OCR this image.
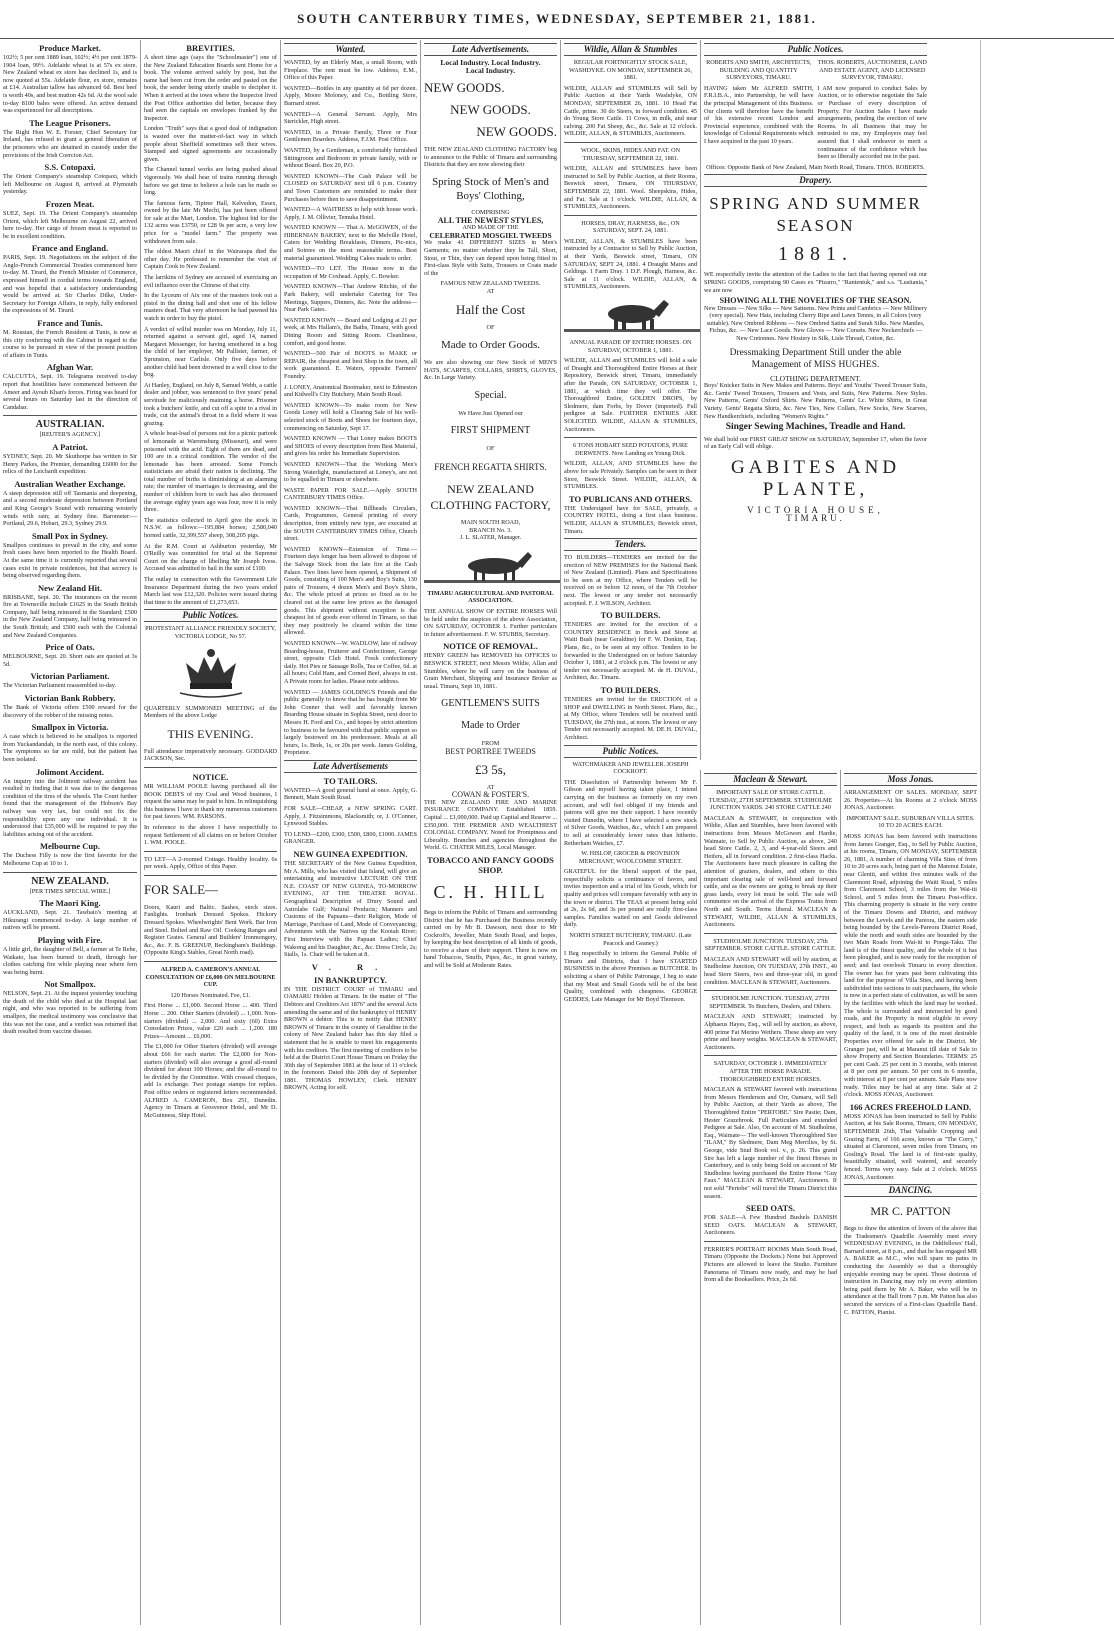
SOUTH CANTERBURY TIMES, WEDNESDAY, SEPTEMBER 21, 1881.
Produce Market.

102½; 5 per cent 1889 loan, 102½; 4½ per cent 1879-1904 loan, 99½. Adelaide wheat is at 57s ex store. New Zealand wheat ex store has declined 1s, and is now quoted at 55s. Adelaide flour, ex store, remains at £14. Australian tallow has advanced 6d. Best beef is worth 40s, and best mutton 42s 6d. At the wool sale to-day 8100 bales were offered. An active demand was experienced for all descriptions.

The League Prisoners.

The Right Hon W. E. Forster, Chief Secretary for Ireland, has refused to grant a general liberation of the prisoners who are detained in custody under the provisions of the Irish Coercion Act.

S.S. Cotopaxi.

The Orient Company's steamship Cotopaxi, which left Melbourne on August 8, arrived at Plymouth yesterday.

Frozen Meat.

SUEZ, Sept. 19. The Orient Company's steamship Orient, which left Melbourne on August 22, arrived here to-day. Her cargo of frozen meat is reported to be in excellent condition.

France and England.

PARIS, Sept. 19. Negotiations on the subject of the Anglo-French Commercial Treaties commenced here to-day. M. Tirard, the French Minister of Commerce, expressed himself in cordial terms towards England, and was hopeful that a satisfactory understanding would be arrived at. Sir Charles Dilke, Under-Secretary for Foreign Affairs, in reply, fully endorsed the expressions of M. Tirard.

France and Tunis.

M. Roustan, the French Resident at Tunis, is now at this city conferring with the Cabinet in regard to the course to be pursued in view of the present position of affairs in Tunis.

Afghan War.

CALCUTTA, Sept. 19. Telegrams received to-day report that hostilities have commenced between the Ameer and Ayoub Khan's forces. Firing was heard for several hours on Saturday last in the direction of Candahar.

AUSTRALIAN.
[REUTER'S AGENCY.]
A Patriot.

SYDNEY, Sept. 20. Mr Skuthorpe has written to Sir Henry Parkes, the Premier, demanding £6000 for the relics of the Leichardt expedition.

Australian Weather Exchange.

A steep depression still off Tasmania and deepening, and a second moderate depression between Portland and King George's Sound with remaining westerly winds with rain; at Sydney fine. Barometer:—Portland, 29.6, Hobart, 29.3, Sydney 29.9.

Small Pox in Sydney.

Smallpox continues to prevail in the city, and some fresh cases have been reported to the Health Board. At the same time it is currently reported that several cases exist in private residences, but that secrecy is being observed regarding them.

New Zealand Hit.

BRISBANE, Sept. 20. The insurances on the recent fire at Townsville include £1625 in the South British Company, half being reinsured in the Standard; £500 in the New Zealand Company, half being reinsured in the South British; and £500 each with the Colonial and New Zealand Companies.

Price of Oats.

MELBOURNE, Sept. 20. Short oats are quoted at 3s 5d.

Victorian Parliament.

The Victorian Parliament reassembled to-day.

Victorian Bank Robbery.

The Bank of Victoria offers £500 reward for the discovery of the robber of the missing notes.

Smallpox in Victoria.

A case which is believed to be smallpox is reported from Yuckandandah, in the north east, of this colony. The symptoms so far are mild, but the patient has been isolated.

Jolimont Accident.

An inquiry into the Jolimont railway accident has resulted in finding that it was due to the dangerous condition of the tires of the wheels. The Court further found that the management of the Hobson's Bay railway was very lax, but could not fix the responsibility upon any one individual. It is understood that £35,000 will be required to pay the liabilities arising out of the accident.

Melbourne Cup.

The Duchess Filly is now the first favorite for the Melbourne Cup at 10 to 1.

NEW ZEALAND.
[PER TIMES SPECIAL WIRE.]
The Maori King.

AUCKLAND, Sept. 21. Tawhaio's meeting at Hikurangi commenced to-day. A large number of natives will be present.

Playing with Fire.

A little girl, the daughter of Bell, a farmer at Te Rehe, Waikato, has been burned to death, through her clothes catching fire while playing near where fern was being burnt.

Not Smallpox.

NELSON, Sept. 21. At the inquest yesterday touching the death of the child who died at the Hospital last night, and who was reported to be suffering from smallpox, the medical testimony was conclusive that this was not the case, and a verdict was returned that death resulted from vaccine disease.

BREVITIES.

A short time ago (says the "Schoolmaster") one of the New Zealand Education Boards sent Home for a book. The volume arrived safely by post, but the name had been cut from the order and pasted on the book, the sender being utterly unable to decipher it. When it arrived at the town where the Inspector lived the Post Office authorities did better, because they had seen the capitals on envelopes franked by the Inspector.

London "Truth" says that a good deal of indignation is wasted over the matter-of-fact way in which people about Sheffield sometimes sell their wives. Stamped and signed agreements are occasionally given.

The Channel tunnel works are being pushed ahead vigorously. We shall hear of trains running through before we get time to believe a hole can be made so long.

The famous farm, Tiptree Hall, Kelvedon, Essex, owned by the late Mr Mechi, has just been offered for sale at the Mart, London. The highest bid for the 132 acres was £3750, or £28 9s per acre, a very low price for a "model farm." The property was withdrawn from sale.

The oldest Maori chief in the Wairarapa died the other day. He professed to remember the visit of Captain Cook to New Zealand.

The larrikins of Sydney are accused of exercising an evil influence over the Chinese of that city.

In the Lyceum of Aix one of the masters took out a pistol in the dining hall and shot one of his fellow masters dead. That very afternoon he had pawned his watch in order to buy the pistol.

A verdict of wilful murder was on Monday, July 11, returned against a servant girl, aged 14, named Margaret Messenger, for having smothered in a bog the child of her employer, Mr Pallister, farmer, of Sprunston, near Carlisle. Only five days before another child had been drowned in a well close to the bog.

At Hanley, England, on July 8, Samuel Webb, a cattle dealer and jobber, was sentenced to five years' penal servitude for maliciously maiming a horse. Prisoner took a butchers' knife, and cut off a spite to a rival in trade, cut the animal's throat in a field where it was grazing.

A whole boat-load of persons out for a picnic partook of lemonade at Warrensburg (Missouri), and were poisoned with the acid. Eight of them are dead, and 100 are in a critical condition. The vendor of the lemonade has been arrested. Some French statisticians are afraid their nation is declining. The total number of births is diminishing at an alarming rate; the number of marriages is decreasing, and the number of children born to each has also decreased the average eighty years ago was four, now it is only three.

The statistics collected in April give the stock in N.S.W. as follows:—195,884 horses; 2,580,040 horned cattle, 32,399,557 sheep, 308,205 pigs.

At the R.M. Court at Ashburton yesterday, Mr O'Reilly was committed for trial at the Supreme Court on the charge of libelling Mr Joseph Ivess. Accused was admitted to bail in the sum of £100.

The outlay in connection with the Government Life Insurance Department during the two years ended March last was £12,320. Policies were issued during that time to the amount of £1,273,653.

Public Notices.

PROTESTANT ALLIANCE FRIENDLY SOCIETY, VICTORIA LODGE, No 57.

QUARTERLY SUMMONED MEETING of the Members of the above Lodge

THIS EVENING.

Full attendance imperatively necessary. GODDARD JACKSON, Sec.

NOTICE.

MR WILLIAM POOLE having purchased all the BOOK DEBTS of my Coal and Wood business, I request the same may be paid to him. In relinquishing this business I have to thank my numerous customers for past favors. WM. PARSONS.

In reference to the above I have respectfully to request Settlement of all claims on or before October 1. WM. POOLE.

TO LET—A 2-roomed Cottage. Healthy locality. 6s per week. Apply, Office of this Paper.

FOR SALE—

Doors, Kauri and Baltic. Sashes, stock sizes. Fanlights. Ironbark Dressed Spokes. Hickory Dressed Spokes. Wheelwrights' Bent Work. Bar Iron and Steel. Bolted and Raw Oil. Cooking Ranges and Register Grates. General and Builders' Ironmongery, &c., &c. F. B. GREENUP, Beckingham's Buildings. (Opposite King's Stables, Great North road).

ALFRED A. CAMERON'S ANNUAL CONSULTATION OF £6,000 ON MELBOURNE CUP.

120 Horses Nominated. Fee, £1.

First Horse ... £1,000. Second Horse ... 400. Third Horse ... 200. Other Starters (divided) ... 1,000. Non-starters (divided) ... 2,000. And sixty (60) Extra Consolation Prizes, value £20 each ... 1,200. 180 Prizes—Amount ... £6,000.

The £1,000 for Other Starters (divided) will average about £66 for each starter. The £2,000 for Non-starters (divided) will also average a good all-round dividend for about 100 Horses; and the all-round to be divided by the Committee. With crossed cheques, add 1s exchange. Two postage stamps for replies. Post office orders or registered letters recommended. ALFRED A. CAMERON, Box 251, Dunedin. Agency in Timaru at Grosvenor Hotel, and Mr D. McGuinness, Ship Hotel.

Wanted.

WANTED, by an Elderly Man, a small Room, with Fireplace. The rent must be low. Address, E.M., Office of this Paper.

WANTED—Bottles in any quantity at 6d per dozen. Apply, Moore Moloney, and Co., Bottling Store, Barnard street.

WANTED—A General Servant. Apply, Mrs Sterickler, High street.

WANTED, in a Private Family, Three or Four Gentlemen Boarders. Address, F.J.M. Post Office.

WANTED, by a Gentleman, a comfortably furnished Sittingroom and Bedroom in private family, with or without Board. Box 20, P.O.

WANTED KNOWN—The Cash Palace will be CLOSED on SATURDAY next till 6 p.m. Country and Town Customers are reminded to make their Purchases before then to save disappointment.

WANTED—A WAITRESS to help with house work. Apply, J. M. Ollivier, Temuka Hotel.

WANTED KNOWN — That A. McGOWEN, of the HIBERNIAN BAKERY, next to the Melville Hotel, Caters for Wedding Breakfasts, Dinners, Pic-nics, and Soirees on the most reasonable terms. Best material guaranteed. Wedding Cakes made to order.

WANTED—TO LET. The House now in the occupation of Mr Coxhead. Apply, C. Bowker.

WANTED KNOWN—That Andrew Ritchie, of the Park Bakery, will undertake Catering for Tea Meetings, Suppers, Dinners, &c. Note the address—Near Park Gates.

WANTED KNOWN — Board and Lodging at 21 per week, at Mrs Hallam's, the Baths, Timaru, with good Dining Room and Sitting Room. Cleanliness, comfort, and good home.

WANTED—500 Pair of BOOTS to MAKE or REPAIR, the cheapest and best Shop in the town, all work guaranteed. E. Waters, opposite Farmers' Foundry.

J. LONEY, Anatomical Bootmaker, next to Edmeston and Kidwell's City Butchery, Main South Road.

WANTED KNOWN—To make room for New Goods Loney will hold a Clearing Sale of his well-selected stock of Boots and Shoes for fourteen days, commencing on Saturday, Sept 17.

WANTED KNOWN — That Loney makes BOOTS and SHOES of every description from Best Material, and gives his order his Immediate Supervision.

WANTED KNOWN—That the Working Men's Strong Waterlight, manufactured at Loney's, are not to be equalled in Timaru or elsewhere.

WASTE PAPER FOR SALE.—Apply SOUTH CANTERBURY TIMES Office.

WANTED KNOWN—That Billheads Circulars, Cards, Programmes, General printing of every description, from entirely new type, are executed at the SOUTH CANTERBURY TIMES Office, Church street.

WANTED KNOWN—Extension of Time.—Fourteen days longer has been allowed to dispose of the Salvage Stock from the late fire at the Cash Palace. Two lines have been opened, a Shipment of Goods, consisting of 100 Men's and Boy's Suits, 130 pairs of Trousers, 4 dozen Men's and Boy's Shirts, &c. The whole priced at prices so fixed as to be cleared out at the same low prices as the damaged goods. This shipment without exception is the cheapest lot of goods ever offered in Timaru, so that they may positively be cleared within the time allowed.

WANTED KNOWN—W. WADLOW, late of railway Boarding-house, Fruiterer and Confectioner, George street, opposite Club Hotel. Fresh confectionery daily. Hot Pies or Sausage Rolls, Tea or Coffee, 6d. at all hours; Cold Ham, and Corned Beef, always in cut. A Private room for ladies. Please note address.

WANTED — JAMES GOLDING'S Friends and the public generally to know that he has bought from Mr John Conner that well and favorably known Boarding House situate in Sophia Street, next door to Messrs H. Ford and Co., and hopes by strict attention to business to be favoured with that public support so largely bestowed on his predecessor. Meals at all hours, 1s. Beds, 1s, or 20s per week. James Golding, Proprietor.

Late Advertisements
TO TAILORS.

WANTED—A good general hand at once. Apply, G. Bennett, Main South Road.

FOR SALE—CHEAP, a NEW SPRING CART. Apply, J. Fitzsimmons, Blacksmith; or, J. O'Conner, Lynwood Stables.

TO LEND—£200, £300, £500, £800, £1000. JAMES GRANGER.

NEW GUINEA EXPEDITION.

THE SECRETARY of the New Guinea Expedition, Mr A. Mills, who has visited that Island, will give an entertaining and instructive LECTURE ON THE N.E. COAST OF NEW GUINEA, TO-MORROW EVENING, AT THE THEATRE ROYAL. Geographical Description of Drury Sound and Astrolabe Gulf; Natural Products; Manners and Customs of the Papuans—their Religion, Mode of Marriage, Purchase of Land, Mode of Conveyancing; Adventures with the Natives up the Kootah River; First Interview with the Papuan Ladies; Chief Wakomg and his Daughter, &c., &c. Dress Circle, 2s; Stalls, 1s. Chair will be taken at 8.

V. R.
IN BANKRUPTCY.

IN THE DISTRICT COURT of TIMARU and OAMARU Holden at Timaru. In the matter of "The Debtors and Creditors Act 1876" and the several Acts amending the same and of the bankruptcy of HENRY BROWN a debtor. This is to notify that HENRY BROWN of Timaru in the county of Geraldine in the colony of New Zealand baker has this day filed a statement that he is unable to meet his engagements with his creditors. The first meeting of creditors to be held at the District Court House Timaru on Friday the 30th day of September 1881 at the hour of 11 o'clock in the forenoon. Dated this 20th day of September 1881. THOMAS HOWLEY, Clerk. HENRY BROWN, Acting for self.

Late Advertisements.
Local Industry. Local Industry.
Local Industry.
NEW GOODS.
NEW GOODS.
NEW GOODS.

THE NEW ZEALAND CLOTHING FACTORY beg to announce to the Public of Timaru and surrounding Districts that they are now showing their

Spring Stock of Men's and Boys' Clothing,
COMPRISING
ALL THE NEWEST STYLES,
AND MADE OF THE
CELEBRATED MOSGIEL TWEEDS

We make 41 DIFFERENT SIZES in Men's Garments; no matter whether they be Tall, Short, Stout, or Thin, they can depend upon being fitted in First-class Style with Suits, Trousers or Coats made of the

FAMOUS NEW ZEALAND TWEEDS.
AT
Half the Cost
OF
Made to Order Goods.

We are also showing our New Stock of MEN'S HATS, SCARFES, COLLARS, SHIRTS, GLOVES, &c. In Large Variety.

Special.
We Have Just Opened our
FIRST SHIPMENT
OF
FRENCH REGATTA SHIRTS.
NEW ZEALAND CLOTHING FACTORY,
MAIN SOUTH ROAD,
BRANCH No. 3.

J. L. SLATER, Manager.

TIMARU AGRICULTURAL AND PASTORAL ASSOCIATION.

THE ANNUAL SHOW OF ENTIRE HORSES Will be held under the auspices of the above Association, ON SATURDAY, OCTOBER 1. Further particulars in future advertisement. F. W. STUBBS, Secretary.

NOTICE OF REMOVAL.

HENRY GREEN has REMOVED his OFFICES to BESWICK STREET, next Messrs Wildie, Allan and Stumbles, where he will carry on the business of Grain Merchant, Shipping and Insurance Broker as usual. Timaru, Sept 10, 1881.

GENTLEMEN'S SUITS
Made to Order
FROM
BEST PORTREE TWEEDS
£3 5s,
AT
COWAN & FOSTER'S.

THE NEW ZEALAND FIRE AND MARINE INSURANCE COMPANY. Established 1859. Capital ... £1,000,000. Paid up Capital and Reserve ... £350,000. THE PREMIER AND WEALTHIEST COLONIAL COMPANY. Noted for Promptness and Liberality. Branches and agencies throughout the World. G. CHATER MILES, Local Manager.

TOBACCO AND FANCY GOODS SHOP.
C. H. HILL

Begs to inform the Public of Timaru and surrounding District that he has Purchased the Business recently carried on by Mr B. Dawson, next door to Mr Cockroft's, Jeweller, Main South Road, and hopes, by keeping the best description of all kinds of goods, to receive a share of their support. There is now on hand Tobaccos, Snuffs, Pipes, &c., in great variety, and will be Sold at Moderate Rates.

Wildie, Allan & Stumbles

REGULAR FORTNIGHTLY STOCK SALE, WASHDYKE. ON MONDAY, SEPTEMBER 26, 1881.

WILDIE, ALLAN and STUMBLES will Sell by Public Auction at their Yards Washdyke, ON MONDAY, SEPTEMBER 26, 1881. 10 Head Fat Cattle, prime. 30 do Steers, in forward condition. 45 do Young Store Cattle. 11 Cows, in milk, and near calving. 200 Fat Sheep, &c., &c. Sale at 12 o'clock. WILDIE, ALLAN, & STUMBLES, Auctioneers.

WOOL, SKINS, HIDES AND FAT. ON THURSDAY, SEPTEMBER 22, 1881.

WILDIE, ALLAN and STUMBLES have been instructed to Sell by Public Auction, at their Rooms, Beswick street, Timaru, ON THURSDAY, SEPTEMBER 22, 1881. Wool. Sheepskins, Hides, and Fat. Sale at 1 o'clock. WILDIE, ALLAN, & STUMBLES, Auctioneers.

HORSES, DRAY, HARNESS, &c., ON SATURDAY, SEPT. 24, 1881.

WILDIE, ALLAN, & STUMBLES have been instructed by a Contractor to Sell by Public Auction, at their Yards, Beswick street, Timaru, ON SATURDAY, SEPT 24, 1881. 4 Draught Mares and Geldings. 1 Farm Dray. 1 D.F. Plough, Harness, &c. Sale at 11 o'clock. WILDIE, ALLAN, & STUMBLES, Auctioneers.

ANNUAL PARADE OF ENTIRE HORSES. ON SATURDAY, OCTOBER 1, 1881.

WILDIE, ALLAN and STUMBLES will hold a sale of Draught and Thoroughbred Entire Horses at their Repository, Beswick street, Timaru, immediately after the Parade, ON SATURDAY, OCTOBER 1, 1881, at which time they will offer. The Thoroughbred Entire, GOLDEN DROPS, by Sledmere, dam Forbs, by Dover (imported). Full pedigree at Sale. FURTHER ENTRIES ARE SOLICITED. WILDIE, ALLAN & STUMBLES, Auctioneers.

6 TONS HOBART SEED POTATOES, PURE DERWENTS. Now Landing ex Young Dick.

WILDIE, ALLAN, AND STUMBLES have the above for sale Privately. Samples can be seen in their Store, Beswick Street. WILDIE, ALLAN, & STUMBLES.

TO PUBLICANS AND OTHERS.

THE Undersigned have for SALE, privately, a COUNTRY HOTEL, doing a first class business. WILDIE, ALLAN & STUMBLES, Beswick street, Timaru.

Tenders.

TO BUILDERS—TENDERS are invited for the erection of NEW PREMISES for the National Bank of New Zealand (Limited). Plans and Specifications to be seen at my Office, where Tenders will be received on or before 12 noon, of the 7th October next. The lowest or any tender not necessarily accepted. F. J. WILSON, Architect.

TO BUILDERS.

TENDERS are invited for the erection of a COUNTRY RESIDENCE in Brick and Stone at Waiti Bush (near Geraldine) for F. W. Donkin, Esq. Plans, &c., to be seen at my office. Tenders to be forwarded to the Undersigned on or before Saturday October 1, 1881, at 2 o'clock p.m. The lowest or any tender not necessarily accepted. M. de H. DUVAL, Architect, &c. Timaru.

TO BUILDERS.

TENDERS are invited for the ERECTION of a SHOP and DWELLING in North Street. Plans, &c., at My Office, where Tenders will be received until TUESDAY, the 27th inst., at noon. The lowest or any Tender not necessarily accepted. M. DE H. DUVAL, Architect.

Public Notices.

WATCHMAKER AND JEWELLER. JOSEPH COCKROFT.

THE Dissolution of Partnership between Mr F. Gibson and myself having taken place, I intend carrying on the business as formerly on my own account, and will feel obliged if my friends and patrons will give me their support. I have recently visited Dunedin, where I have selected a new stock of Silver Goods, Watches, &c., which I am prepared to sell at considerably lower rates than hitherto. Retherham Watches, £7.

W. HISLOP, GROCER & PROVISION MERCHANT, WOOLCOMBE STREET.

GRATEFUL for the liberal support of the past, respectfully solicits a continuance of favors, and invites inspection and a trial of his Goods, which for quality and prices will compare favorably with any in the town or district. The TEAS at present being sold at 2s, 2s 6d, and 3s per pound are really first-class samples. Families waited on and Goods delivered daily.

NORTH STREET BUTCHERY, TIMARU. (Late Peacock and Geaney.)

I Beg respectfully to inform the General Public of Timaru and Districts, that I have STARTED BUSINESS in the above Premises as BUTCHER. In soliciting a share of Public Patronage, I beg to state that my Meat and Small Goods will be of the best Quality, combined with cheapness. GEORGE GEDDES, Late Manager for Mr Boyd Thomson.

Public Notices.

ROBERTS AND SMITH, ARCHITECTS, BUILDING AND QUANTITY SURVEYORS, TIMARU.

HAVING taken Mr ALFRED SMITH, F.R.I.B.A., into Partnership, he will have the principal Management of this Business. Our clients will therefore have the benefit of his extensive recent London and Provincial experience, combined with the knowledge of Colonial Requirements which I have acquired in the past 10 years.

THOS. ROBERTS, AUCTIONEER, LAND AND ESTATE AGENT, AND LICENSED SURVEYOR, TIMARU.

I AM now prepared to conduct Sales by Auction, or to otherwise negotiate the Sale or Purchase of every description of Property. For Auction Sales I have made arrangements, pending the erection of new Rooms. In all Business that may be entrusted to me, my Employers may feel assured that I shall endeavor to merit a continuance of the confidence which has been so liberally accorded me in the past.

Offices: Opposite Bank of New Zealand, Main North Road, Timaru. THOS. ROBERTS.

Drapery.
SPRING AND SUMMER SEASON
1881.

WE respectfully invite the attention of the Ladies to the fact that having opened out our SPRING GOODS, comprising 90 Cases ex "Pizarro," "Rantentuk," and s.s. "Lusitania," we are now

SHOWING ALL THE NOVELTIES OF THE SEASON.

New Dresses — New Silks — New Satteens. New Prints and Cambrics — New Millinery (very special). New Hats, including Cherry Ripe and Lawn Tennis, in all Colors (very suitable). New Ombred Ribbons — New Ombred Satins and Surah Silks. New Mantles, Fichus, &c. — New Lace Goods. New Gloves — New Corsets. New Neckerchiefs — New Cretonnes. New Hosiery in Silk, Lisle Thread, Cotton, &c.

Dressmaking Department Still under the able Management of MISS HUGHES.
CLOTHING DEPARTMENT.

Boys' Knicker Suits in New Makes and Patterns. Boys' and Youths' Tweed Trouser Suits, &c. Gents' Tweed Trousers, Trousers and Vests, and Suits, New Patterns. New Styles. New Patterns, Gents' Oxford Shirts. New Patterns, Gents' Lc. White Shirts, in Great Variety. Gents' Regatta Shirts, &c. New Ties, New Collars, New Socks, New Scarves, New Handkerchiefs, including "Women's Rights."

Singer Sewing Machines, Treadle and Hand.

We shall hold our FIRST GREAT SHOW on SATURDAY, September 17, when the favor of an Early Call will oblige.

GABITES AND PLANTE,
VICTORIA HOUSE,
TIMARU.
Maclean & Stewart.

IMPORTANT SALE OF STORE CATTLE. TUESDAY, 27TH SEPTEMBER. STUDHOLME JUNCTION YARDS. 240 STORE CATTLE 240

MACLEAN & STEWART, in conjunction with Wildie, Allan and Stumbles, have been favored with instructions from Messrs McGowen and Hardie, Waimate, to Sell by Public Auction, as above, 240 head Store Cattle. 2, 3, and 4-year-old Steers and Heifers, all in forward condition. 2 first-class Hacks. The Auctioneers have much pleasure in calling the attention of graziers, dealers, and others to this important clearing sale of well-bred and forward cattle, and as the owners are going to break up their grass lands, every lot must be sold. The sale will commence on the arrival of the Express Trains from North and South. Terms liberal. MACLEAN & STEWART, WILDIE, ALLAN & STUMBLES, Auctioneers.

STUDHOLME JUNCTION. TUESDAY, 27th SEPTEMBER. STORE CATTLE. STORE CATTLE.

MACLEAN AND STEWART will sell by auction, at Studholme Junction, ON TUESDAY, 27th INST., 40 head Store Steers, two and three-year old, in good condition. MACLEAN & STEWART, Auctioneers.

STUDHOLME JUNCTION. TUESDAY, 27TH SEPTEMBER. To Butchers, Dealers, and Others.

MACLEAN AND STEWART, instructed by Alphaeus Hayes, Esq., will sell by auction, as above, 400 prime Fat Merino Wethers. These sheep are very prime and heavy weights. MACLEAN & STEWART, Auctioneers.

SATURDAY, OCTOBER 1. IMMEDIATELY AFTER THE HORSE PARADE. THOROUGHBRED ENTIRE HORSES.

MACLEAN & STEWART favored with instructions from Messrs Henderson and Orr, Oamaru, will Sell by Public Auction, at their Yards as above, The Thoroughbred Entire "PERTOBE." Sire Pastie; Dam, Hester Grazebrook. Full Particulars and extended Pedigree at Sale. Also, On account of M. Studholme, Esq., Waimate— The well-known Thoroughbred Sire "ILAM," By Sledmere, Dam Meg Merrilies, by St. George, vide Stud Book vol. v., p. 26. This grand Sire has left a large number of the finest Horses in Canterbury, and is only being Sold on account of Mr Studholme having purchased the Entire Horse "Guy Faux." MACLEAN & STEWART, Auctioneers. If not sold "Pertobe" will travel the Timaru District this season.

SEED OATS.

FOR SALE—A Few Hundred Bushels DANISH SEED OATS. MACLEAN & STEWART, Auctioneers.

FERRIER'S PORTRAIT ROOMS Main South Road, Timaru (Opposite the Dockets.) None but Approved Pictures are allowed to leave the Studio. Furniture Panorama of Timaru now ready, and may be had from all the Booksellers. Price, 2s 6d.

Moss Jonas.

ARRANGEMENT OF SALES. MONDAY, SEPT 26. Properties—At his Rooms at 2 o'clock MOSS JONAS, Auctioneer.

IMPORTANT SALE. SUBURBAN VILLA SITES. 10 TO 20 ACRES EACH.

MOSS JONAS has been favored with instructions from James Granger, Esq., to Sell by Public Auction, at his rooms, Timaru, ON MONDAY, SEPTEMBER 26, 1881, A number of charming Villa Sites of from 10 to 20 acres each, being part of the Marenui Estate, near Gleniti, and within five minutes walk of the Claremont Road, adjoining the Waiti Road, 5 miles from Claremont School, 3 miles from the Wai-iti School, and 5 miles from the Timaru Post-office. This charming property is situate in the very centre of the Timaru Downs and District, and midway between the Levels and the Pareora, the eastern side being bounded by the Levels-Pareora District Road, while the north and south sides are bounded by the two Main Roads from Wai-iti to Ponga-Taku. The land is of the finest quality, and the whole of it has been ploughed, and is now ready for the reception of seed; and fast overlook Timaru in every direction. The owner has for years past been cultivating this land for the purpose of Villa Sites, and having been subdivided into sections to suit purchasers, the whole is now in a perfect state of cultivation, as will be seen by the facilities with which the land may be worked. The whole is surrounded and intersected by good roads, and the Property is most eligible in every respect, and both as regards its position and the quality of the land, it is one of the most desirable Properties ever offered for sale in the District. Mr Granger just, will be at Maranui till date of Sale to show Property and Section Boundaries. TERMS: 25 per cent Cash. 25 per cent in 3 months, with interest at 8 per cent per annum. 50 per cent in 6 months, with interest at 8 per cent per annum. Sale Plans now ready. Titles may be had at any time. Sale at 2 o'clock. MOSS JONAS, Auctioneer.

166 ACRES FREEHOLD LAND.

MOSS JONAS has been instructed to Sell by Public Auction, at his Sale Rooms, Timaru, ON MONDAY, SEPTEMBER 26th, That Valuable Cropping and Grazing Farm, of 166 acres, known as "The Corry," situated at Claremont, seven miles from Timaru, on Gosling's Road. The land is of first-rate quality, beautifully situated, well watered, and securely fenced. Terms very easy. Sale at 2 o'clock. MOSS JONAS, Auctioneer.

DANCING.
MR C. PATTON

Begs to draw the attention of lovers of the above that the Tradesmen's Quadrille Assembly meet every WEDNESDAY EVENING, in the Oddfellows' Hall, Barnard street, at 8 p.m., and that he has engaged MR A. BAKER as M.C., who will spare no pains in conducting the Assembly so that a thoroughly enjoyable evening may be spent. Those desirous of instruction in Dancing may rely on every attention being paid them by Mr A. Baker, who will be in attendance at the Hall from 7 p.m. Mr Patton has also secured the services of a First-class Quadrille Band. C. PATTON, Pianist.
